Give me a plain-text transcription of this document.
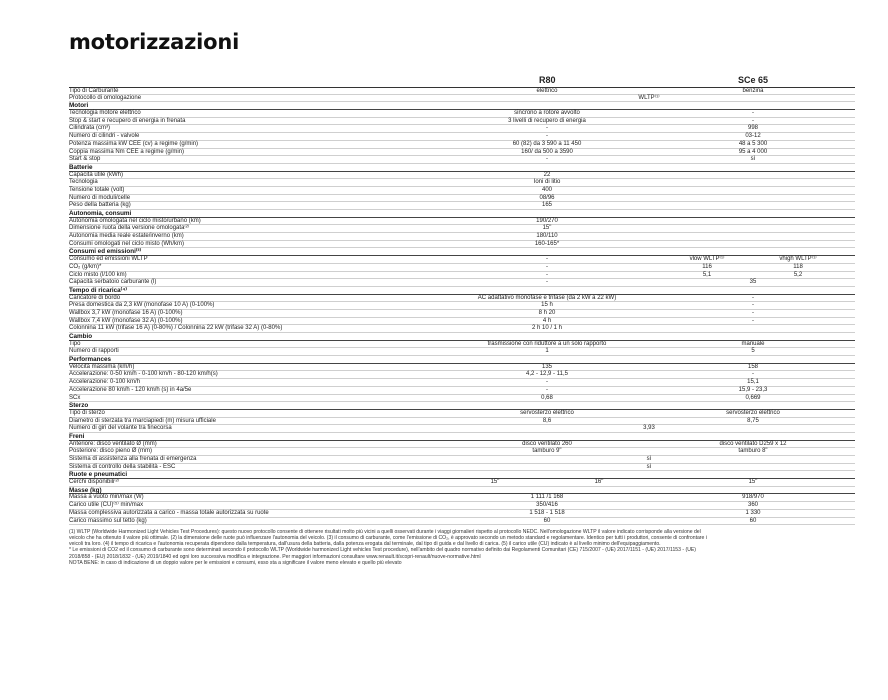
motorizzazioni
R80	SCe 65
Tipo di Carburante	elettrico	benzina
Protocollo di omologazione	WLTP⁽¹⁾
Motori
Tecnologia motore elettrico	sincrono a rotore avvolto	-
Stop & start e recupero di energia in frenata	3 livelli di recupero di energia	-
Cilindrata (cm³)	-	998
Numero di cilindri - valvole	-	03-12
Potenza massima kW CEE (cv) a regime (g/min)	60 (82) da 3 590 a 11 450	48 a 5 300
Coppia massima Nm CEE a regime (g/min)	160/ da 500 a 3590	95 a 4 000
Start & stop	-	sì
Batterie
Capacità utile (kWh)	22
Tecnologia	Ioni di litio
Tensione totale (volt)	400
Numero di moduli/celle	08/96
Peso della batteria (kg)	165
Autonomia, consumi
Autonomia omologata nel ciclo misto/urbano (km)	190/270
Dimensione ruota della versione omologata⁽²⁾	15"
Autonomia media reale estate/inverno (km)	180/110
Consumi omologati nel ciclo misto (Wh/km)	160-165*
Consumi ed emissioni⁽³⁾
Consumo ed emissioni WLTP	-	vlow WLTP⁽¹⁾	vhigh WLTP⁽¹⁾
CO₂ (g/km)*	-	116	118
Ciclo misto (l/100 km)	-	5,1	5,2
Capacità serbatoio carburante (l)	-	35
Tempo di ricarica⁽⁴⁾
Caricatore di bordo	AC adattativo monofase e trifase (da 2 kW a 22 kW)	-
Presa domestica da 2,3 kW (monofase 10 A) (0-100%)	15 h	-
Wallbox 3,7 kW (monofase 16 A) (0-100%)	8 h 20	-
Wallbox 7,4 kW (monofase 32 A) (0-100%)	4 h	-
Colonnina 11 kW (trifase 16 A) (0-80%) / Colonnina 22 kW (trifase 32 A) (0-80%)	2 h 10 / 1 h
Cambio
Tipo	trasmissione con riduttore a un solo rapporto	manuale
Numero di rapporti	1	5
Performances
Velocità massima (km/h)	135	158
Accelerazione: 0-50 km/h - 0-100 km/h - 80-120 km/h(s)	4,2 - 12,9 - 11,5	-
Accelerazione: 0-100 km/h	-	15,1
Accelerazione 80 km/h - 120 km/h (s) in 4a/5e	-	15,9 - 23,3
SCx	0,68	0,669
Sterzo
Tipo di sterzo	servosterzo elettrico	servosterzo elettrico
Diametro di sterzata tra marciapiedi (m) misura ufficiale	8,6	8,75
Numero di giri del volante tra finecorsa	3,93
Freni
Anteriore: disco ventilato Ø (mm)	disco ventilato 260	disco ventilato D259 x 12
Posteriore: disco pieno Ø (mm)	tamburo 9"	tamburo 8"
Sistema di assistenza alla frenata di emergenza	sì
Sistema di controllo della stabilità - ESC	sì
Ruote e pneumatici
Cerchi disponibili⁽²⁾	15"	16"	15"
Masse (kg)
Massa a vuoto min/max (W)	1 111 /1 168	918/970
Carico utile (CU)⁽⁵⁾ min/max	350/416	360
Massa complessiva autorizzata a carico - massa totale autorizzata su ruote	1 518 - 1 518	1 330
Carico massimo sul tetto (kg)	60	60

(1) WLTP (Worldwide Harmonized Light Vehicles Test Procedures): questo nuovo protocollo consente di ottenere risultati molto più vicini a quelli osservati durante i viaggi giornalieri rispetto al protocollo NEDC. Nell'omologazione WLTP il valore indicato corrisponde alla versione del veicolo che ha ottenuto il valore più ottimale. (2) la dimensione delle ruote può influenzare l'autonomia del veicolo. (3) il consumo di carburante, come l'emissione di CO₂, è approvato secondo un metodo standard e regolamentare. Identico per tutti i produttori, consente di confrontare i veicoli tra loro. (4) il tempo di ricarica e l'autonomia recuperata dipendono dalla temperatura, dall'usura della batteria, dalla potenza erogata dal terminale, dal tipo di guida e dal livello di carica. (5) il carico utile (CU) indicato è al livello minimo dell'equipaggiamento.

* Le emissioni di CO2 ed il consumo di carburante sono determinati secondo il protocollo WLTP (Worldwide harmonized Light vehicles Test procedure), nell'ambito del quadro normativo definito dai Regolamenti Comunitari (CE) 715/2007 - (UE) 2017/1151 - (UE) 2017/1153 - (UE) 2018/858 - (EU) 2018/1832 - (UE) 2019/1840 ed ogni loro successiva modifica e integrazione. Per maggiori informazioni consultare www.renault.it/scopri-renault/nuove-normative.html

NOTA BENE: in caso di indicazione di un doppio valore per le emissioni e consumi, esso sta a significare il valore meno elevato e quello più elevato
